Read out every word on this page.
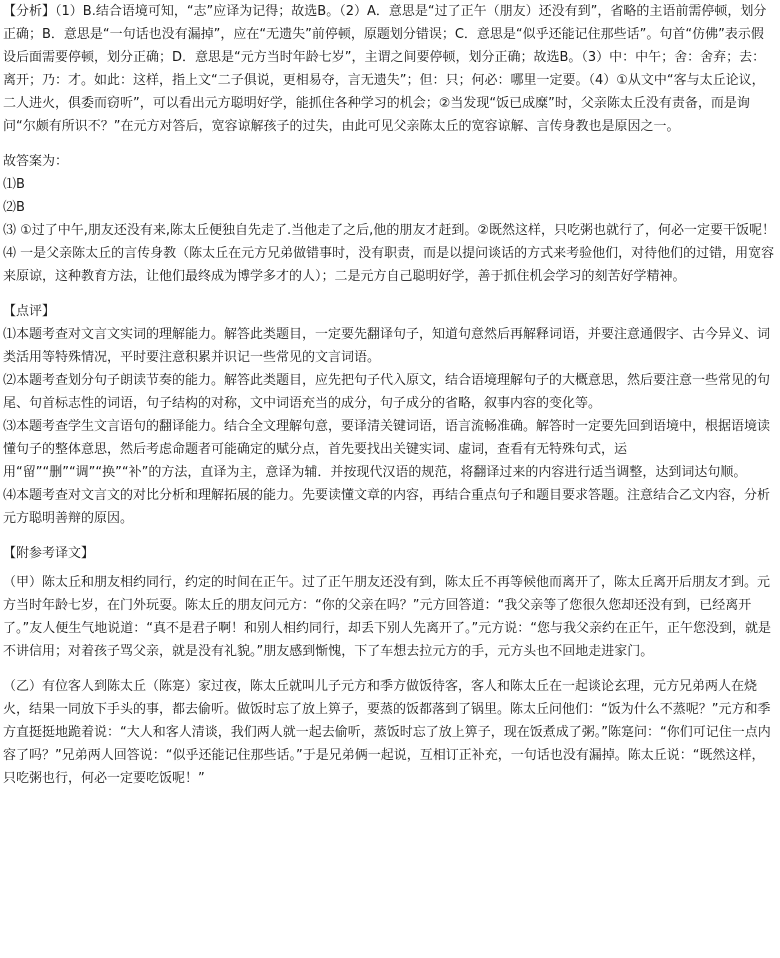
【分析】（1）B.结合语境可知，“志”应译为记得；故选B。（2）A．意思是“过了正午（朋友）还没有到”，省略的主语前需停顿，划分正确；B．意思是“一句话也没有漏掉”，应在“无遗失”前停顿，原题划分错误；C．意思是“似乎还能记住那些话”。句首“仿佛”表示假设后面需要停顿，划分正确；D．意思是“元方当时年龄七岁”，主谓之间要停顿，划分正确；故选B。（3）中：中午；舍：舍弃；去：离开；乃：才。如此：这样，指上文“二子俱说，更相易夺，言无遗失”；但：只；何必：哪里一定要。（4）①从文中“客与太丘论议，二人进火，俱委而窃听”，可以看出元方聪明好学，能抓住各种学习的机会；②当发现“饭已成糜”时，父亲陈太丘没有责备，而是询问“尔颇有所识不？”在元方对答后，宽容谅解孩子的过失，由此可见父亲陈太丘的宽容谅解、言传身教也是原因之一。

故答案为：

⑴B

⑵B

⑶ ①过了中午,朋友还没有来,陈太丘便独自先走了.当他走了之后,他的朋友才赶到。②既然这样，只吃粥也就行了，何必一定要干饭呢！

⑷ 一是父亲陈太丘的言传身教（陈太丘在元方兄弟做错事时，没有职责，而是以提问谈话的方式来考验他们，对待他们的过错，用宽容来原谅，这种教育方法，让他们最终成为博学多才的人）；二是元方自己聪明好学，善于抓住机会学习的刻苦好学精神。

【点评】

⑴本题考查对文言文实词的理解能力。解答此类题目，一定要先翻译句子，知道句意然后再解释词语，并要注意通假字、古今异义、词类活用等特殊情况，平时要注意积累并识记一些常见的文言词语。

⑵本题考查划分句子朗读节奏的能力。解答此类题目，应先把句子代入原文，结合语境理解句子的大概意思，然后要注意一些常见的句尾、句首标志性的词语，句子结构的对称，文中词语充当的成分，句子成分的省略，叙事内容的变化等。

⑶本题考查学生文言语句的翻译能力。结合全文理解句意，要译清关键词语，语言流畅准确。解答时一定要先回到语境中，根据语境读懂句子的整体意思，然后考虑命题者可能确定的赋分点，首先要找出关键实词、虚词，查看有无特殊句式，运用“留”“删”“调”“换”“补”的方法，直译为主，意译为辅．并按现代汉语的规范，将翻译过来的内容进行适当调整，达到词达句顺。

⑷本题考查对文言文的对比分析和理解拓展的能力。先要读懂文章的内容，再结合重点句子和题目要求答题。注意结合乙文内容，分析元方聪明善辩的原因。

【附参考译文】

（甲）陈太丘和朋友相约同行，约定的时间在正午。过了正午朋友还没有到，陈太丘不再等候他而离开了，陈太丘离开后朋友才到。元方当时年龄七岁，在门外玩耍。陈太丘的朋友问元方：“你的父亲在吗？”元方回答道：“我父亲等了您很久您却还没有到，已经离开了。”友人便生气地说道：“真不是君子啊！和别人相约同行，却丢下别人先离开了。”元方说：“您与我父亲约在正午，正午您没到，就是不讲信用；对着孩子骂父亲，就是没有礼貌。”朋友感到惭愧，下了车想去拉元方的手，元方头也不回地走进家门。

（乙）有位客人到陈太丘（陈寔）家过夜，陈太丘就叫儿子元方和季方做饭待客，客人和陈太丘在一起谈论玄理，元方兄弟两人在烧火，结果一同放下手头的事，都去偷听。做饭时忘了放上箅子，要蒸的饭都落到了锅里。陈太丘问他们：“饭为什么不蒸呢？”元方和季方直挺挺地跪着说：“大人和客人清谈，我们两人就一起去偷听，蒸饭时忘了放上箅子，现在饭煮成了粥。”陈寔问：“你们可记住一点内容了吗？”兄弟两人回答说：“似乎还能记住那些话。”于是兄弟俩一起说，互相订正补充，一句话也没有漏掉。陈太丘说：“既然这样，只吃粥也行，何必一定要吃饭呢！”
